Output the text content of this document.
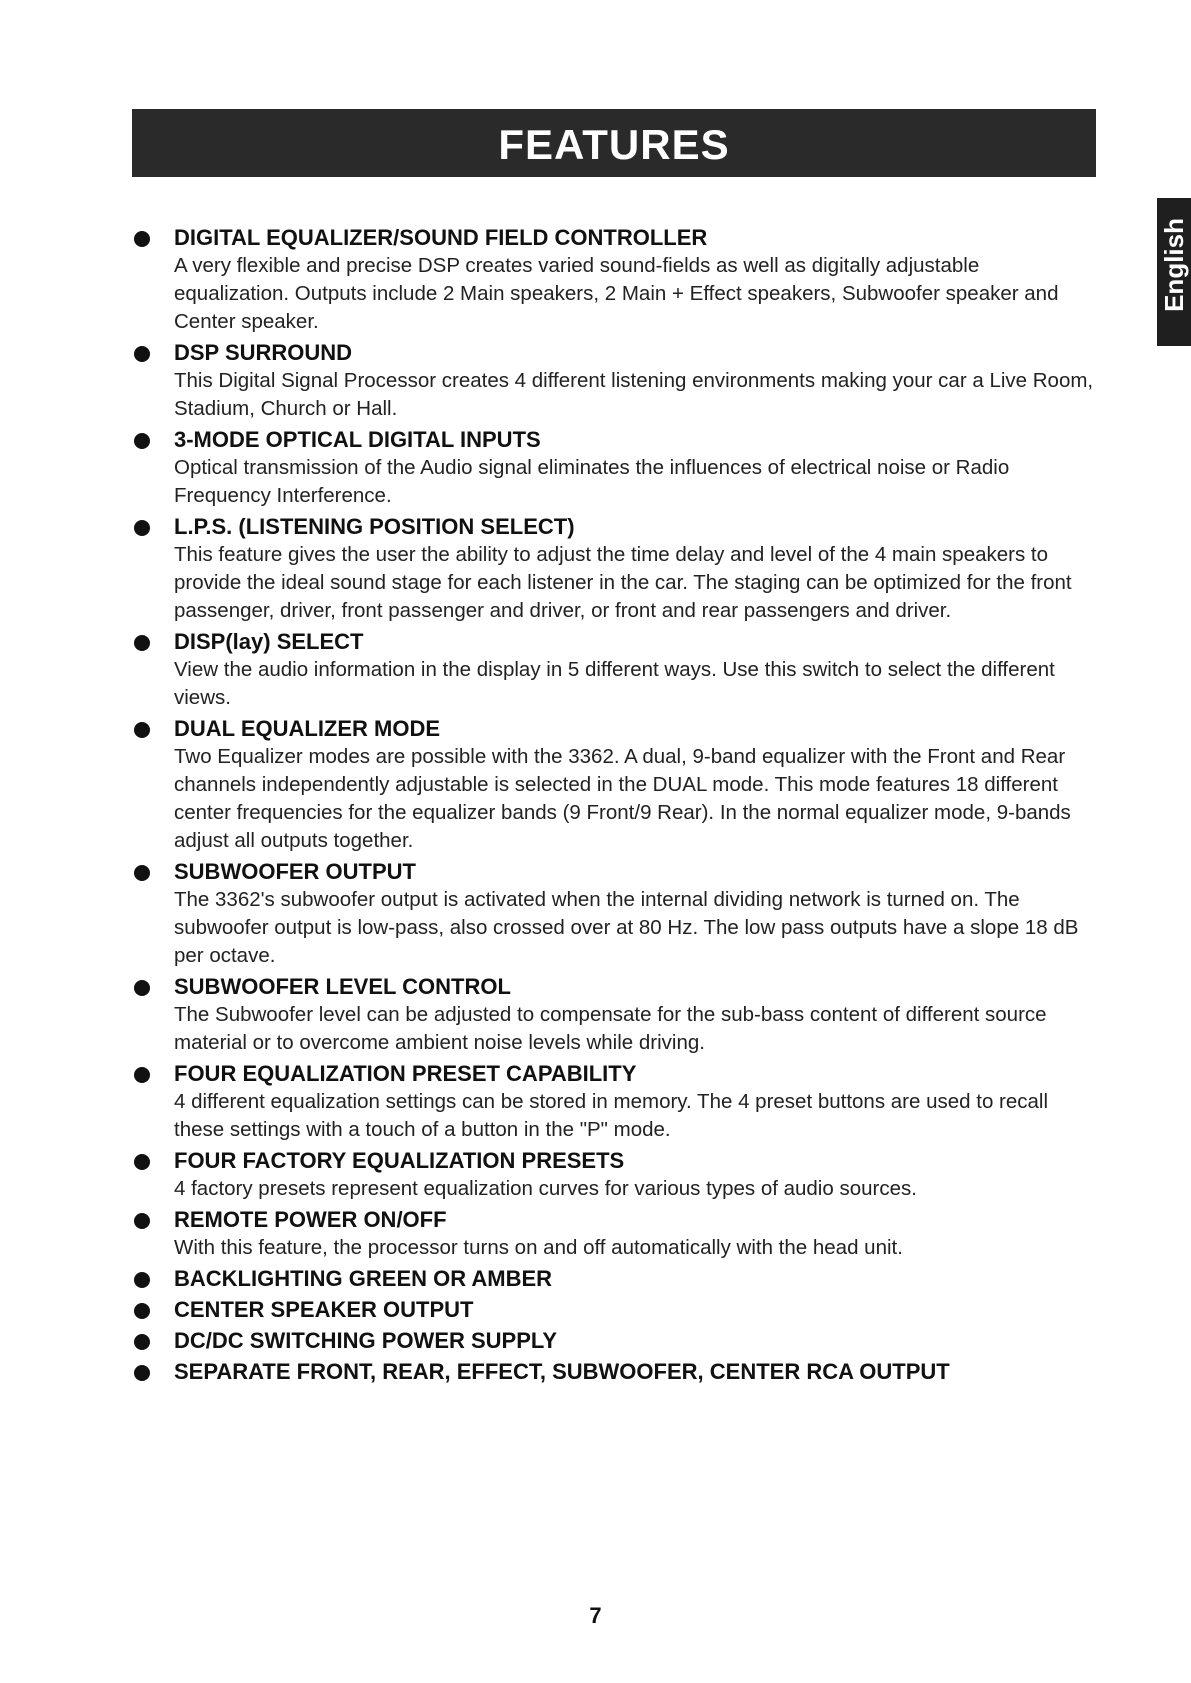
FEATURES
English
DIGITAL EQUALIZER/SOUND FIELD CONTROLLER
A very flexible and precise DSP creates varied sound-fields as well as digitally adjustable equalization. Outputs include 2 Main speakers, 2 Main + Effect speakers, Subwoofer speaker and Center speaker.
DSP SURROUND
This Digital Signal Processor creates 4 different listening environments making your car a Live Room, Stadium, Church or Hall.
3-MODE OPTICAL DIGITAL INPUTS
Optical transmission of the Audio signal eliminates the influences of electrical noise or Radio Frequency Interference.
L.P.S. (LISTENING POSITION SELECT)
This feature gives the user the ability to adjust the time delay and level of the 4 main speakers to provide the ideal sound stage for each listener in the car. The staging can be optimized for the front passenger, driver, front passenger and driver, or front and rear passengers and driver.
DISP(lay) SELECT
View the audio information in the display in 5 different ways. Use this switch to select the different views.
DUAL EQUALIZER MODE
Two Equalizer modes are possible with the 3362. A dual, 9-band equalizer with the Front and Rear channels independently adjustable is selected in the DUAL mode. This mode features 18 different center frequencies for the equalizer bands (9 Front/9 Rear). In the normal equalizer mode, 9-bands adjust all outputs together.
SUBWOOFER OUTPUT
The 3362's subwoofer output is activated when the internal dividing network is turned on. The subwoofer output is low-pass, also crossed over at 80 Hz. The low pass outputs have a slope 18 dB per octave.
SUBWOOFER LEVEL CONTROL
The Subwoofer level can be adjusted to compensate for the sub-bass content of different source material or to overcome ambient noise levels while driving.
FOUR EQUALIZATION PRESET CAPABILITY
4 different equalization settings can be stored in memory. The 4 preset buttons are used to recall these settings with a touch of a button in the "P" mode.
FOUR FACTORY EQUALIZATION PRESETS
4 factory presets represent equalization curves for various types of audio sources.
REMOTE POWER ON/OFF
With this feature, the processor turns on and off automatically with the head unit.
BACKLIGHTING GREEN OR AMBER
CENTER SPEAKER OUTPUT
DC/DC SWITCHING POWER SUPPLY
SEPARATE FRONT, REAR, EFFECT, SUBWOOFER, CENTER RCA OUTPUT
7
